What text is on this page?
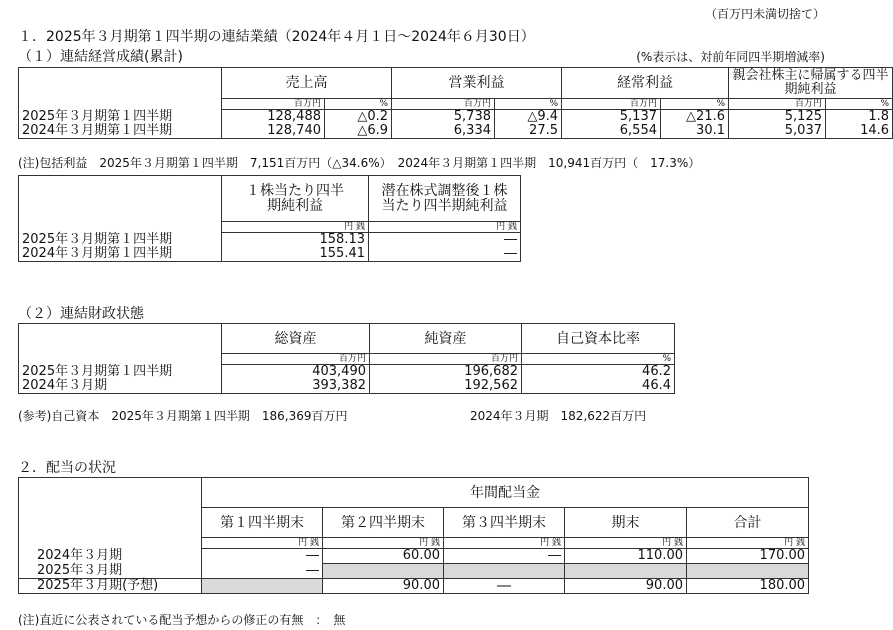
（百万円未満切捨て）
１．2025年３月期第１四半期の連結業績（2024年４月１日～2024年６月30日）
（１）連結経営成績(累計)	(%表示は、対前年同四半期増減率)
	売上高		営業利益		経常利益		親会社株主に帰属する四半期純利益	
	百万円	%	百万円	%	百万円	%	百万円	%
2025年３月期第１四半期	128,488	△0.2	5,738	△9.4	5,137	△21.6	5,125	1.8
2024年３月期第１四半期	128,740	△6.9	6,334	27.5	6,554	30.1	5,037	14.6
(注)包括利益　2025年３月期第１四半期　7,151百万円（△34.6%）　2024年３月期第１四半期　10,941百万円（　17.3%）
	１株当たり四半期純利益	潜在株式調整後１株当たり四半期純利益
	円 銭	円 銭
2025年３月期第１四半期	158.13	―
2024年３月期第１四半期	155.41	―
（２）連結財政状態
	総資産	純資産	自己資本比率
	百万円	百万円	%
2025年３月期第１四半期	403,490	196,682	46.2
2024年３月期	393,382	192,562	46.4
(参考)自己資本　2025年３月期第１四半期　186,369百万円	2024年３月期　182,622百万円
２．配当の状況
	年間配当金				
	第１四半期末	第２四半期末	第３四半期末	期末	合計
	円 銭	円 銭	円 銭	円 銭	円 銭
2024年３月期	―	60.00	―	110.00	170.00
2025年３月期	―				
2025年３月期(予想)		90.00	―	90.00	180.00
(注)直近に公表されている配当予想からの修正の有無　：　無
